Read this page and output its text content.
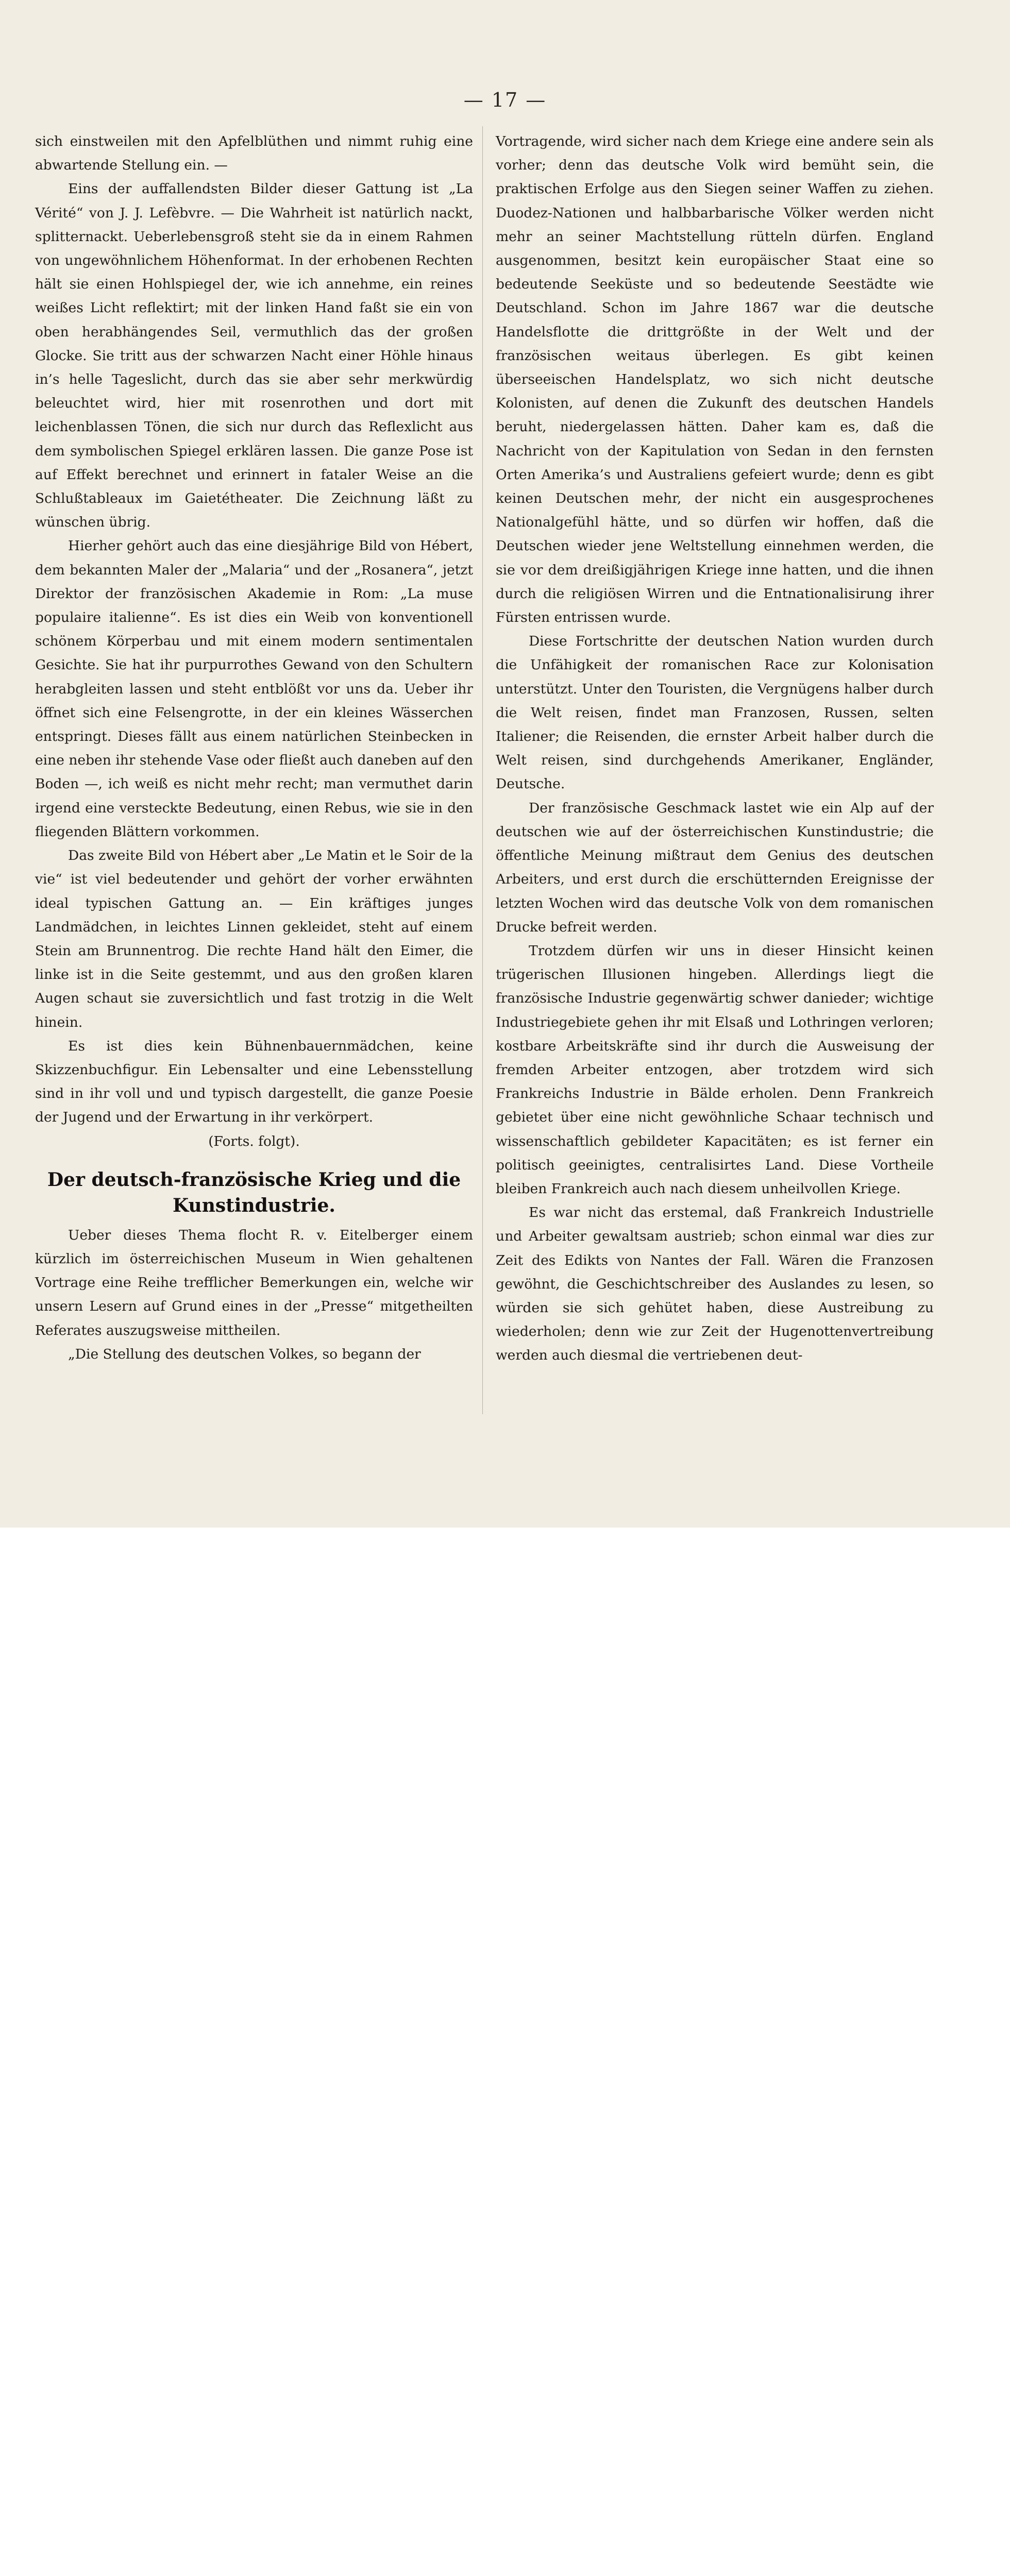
— 17 —

sich einstweilen mit den Apfelblüthen und nimmt ruhig eine abwartende Stellung ein. —

Eins der auffallendsten Bilder dieser Gattung ist „La Vérité“ von J. J. Lefèbvre. — Die Wahrheit ist natürlich nackt, splitternackt. Ueberlebensgroß steht sie da in einem Rahmen von ungewöhnlichem Höhenformat. In der erhobenen Rechten hält sie einen Hohlspiegel der, wie ich annehme, ein reines weißes Licht reflektirt; mit der linken Hand faßt sie ein von oben herabhängendes Seil, vermuthlich das der großen Glocke. Sie tritt aus der schwarzen Nacht einer Höhle hinaus in’s helle Tageslicht, durch das sie aber sehr merkwürdig beleuchtet wird, hier mit rosenrothen und dort mit leichenblassen Tönen, die sich nur durch das Reflexlicht aus dem symbolischen Spiegel erklären lassen. Die ganze Pose ist auf Effekt berechnet und erinnert in fataler Weise an die Schlußtableaux im Gaietétheater. Die Zeichnung läßt zu wünschen übrig.

Hierher gehört auch das eine diesjährige Bild von Hébert, dem bekannten Maler der „Malaria“ und der „Rosanera“, jetzt Direktor der französischen Akademie in Rom: „La muse populaire italienne“. Es ist dies ein Weib von konventionell schönem Körperbau und mit einem modern sentimentalen Gesichte. Sie hat ihr purpurrothes Gewand von den Schultern herabgleiten lassen und steht entblößt vor uns da. Ueber ihr öffnet sich eine Felsengrotte, in der ein kleines Wässerchen entspringt. Dieses fällt aus einem natürlichen Steinbecken in eine neben ihr stehende Vase oder fließt auch daneben auf den Boden —, ich weiß es nicht mehr recht; man vermuthet darin irgend eine versteckte Bedeutung, einen Rebus, wie sie in den fliegenden Blättern vorkommen.

Das zweite Bild von Hébert aber „Le Matin et le Soir de la vie“ ist viel bedeutender und gehört der vorher erwähnten ideal typischen Gattung an. — Ein kräftiges junges Landmädchen, in leichtes Linnen gekleidet, steht auf einem Stein am Brunnentrog. Die rechte Hand hält den Eimer, die linke ist in die Seite gestemmt, und aus den großen klaren Augen schaut sie zuversichtlich und fast trotzig in die Welt hinein.

Es ist dies kein Bühnenbauernmädchen, keine Skizzenbuchfigur. Ein Lebensalter und eine Lebensstellung sind in ihr voll und und typisch dargestellt, die ganze Poesie der Jugend und der Erwartung in ihr verkörpert.

(Forts. folgt).

Der deutsch-französische Krieg und die Kunstindustrie.

Ueber dieses Thema flocht R. v. Eitelberger einem kürzlich im österreichischen Museum in Wien gehaltenen Vortrage eine Reihe trefflicher Bemerkungen ein, welche wir unsern Lesern auf Grund eines in der „Presse“ mitgetheilten Referates auszugsweise mittheilen.

„Die Stellung des deutschen Volkes, so begann der

Vortragende, wird sicher nach dem Kriege eine andere sein als vorher; denn das deutsche Volk wird bemüht sein, die praktischen Erfolge aus den Siegen seiner Waffen zu ziehen. Duodez-Nationen und halbbarbarische Völker werden nicht mehr an seiner Machtstellung rütteln dürfen. England ausgenommen, besitzt kein europäischer Staat eine so bedeutende Seeküste und so bedeutende Seestädte wie Deutschland. Schon im Jahre 1867 war die deutsche Handelsflotte die drittgrößte in der Welt und der französischen weitaus überlegen. Es gibt keinen überseeischen Handelsplatz, wo sich nicht deutsche Kolonisten, auf denen die Zukunft des deutschen Handels beruht, niedergelassen hätten. Daher kam es, daß die Nachricht von der Kapitulation von Sedan in den fernsten Orten Amerika’s und Australiens gefeiert wurde; denn es gibt keinen Deutschen mehr, der nicht ein ausgesprochenes Nationalgefühl hätte, und so dürfen wir hoffen, daß die Deutschen wieder jene Weltstellung einnehmen werden, die sie vor dem dreißigjährigen Kriege inne hatten, und die ihnen durch die religiösen Wirren und die Entnationalisirung ihrer Fürsten entrissen wurde.

Diese Fortschritte der deutschen Nation wurden durch die Unfähigkeit der romanischen Race zur Kolonisation unterstützt. Unter den Touristen, die Vergnügens halber durch die Welt reisen, findet man Franzosen, Russen, selten Italiener; die Reisenden, die ernster Arbeit halber durch die Welt reisen, sind durchgehends Amerikaner, Engländer, Deutsche.

Der französische Geschmack lastet wie ein Alp auf der deutschen wie auf der österreichischen Kunstindustrie; die öffentliche Meinung mißtraut dem Genius des deutschen Arbeiters, und erst durch die erschütternden Ereignisse der letzten Wochen wird das deutsche Volk von dem romanischen Drucke befreit werden.

Trotzdem dürfen wir uns in dieser Hinsicht keinen trügerischen Illusionen hingeben. Allerdings liegt die französische Industrie gegenwärtig schwer danieder; wichtige Industriegebiete gehen ihr mit Elsaß und Lothringen verloren; kostbare Arbeitskräfte sind ihr durch die Ausweisung der fremden Arbeiter entzogen, aber trotzdem wird sich Frankreichs Industrie in Bälde erholen. Denn Frankreich gebietet über eine nicht gewöhnliche Schaar technisch und wissenschaftlich gebildeter Kapacitäten; es ist ferner ein politisch geeinigtes, centralisirtes Land. Diese Vortheile bleiben Frankreich auch nach diesem unheilvollen Kriege.

Es war nicht das erstemal, daß Frankreich Industrielle und Arbeiter gewaltsam austrieb; schon einmal war dies zur Zeit des Edikts von Nantes der Fall. Wären die Franzosen gewöhnt, die Geschichtschreiber des Auslandes zu lesen, so würden sie sich gehütet haben, diese Austreibung zu wiederholen; denn wie zur Zeit der Hugenottenvertreibung werden auch diesmal die vertriebenen deut-
